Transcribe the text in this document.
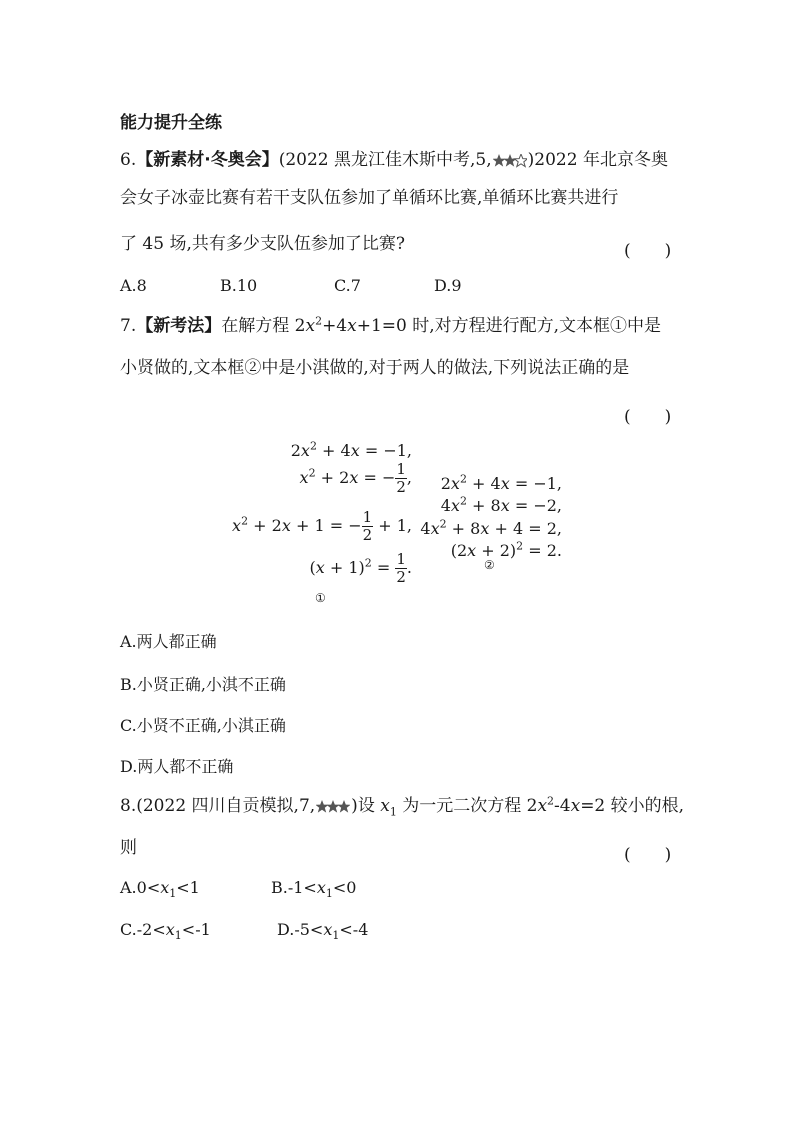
能力提升全练
6.【新素材·冬奥会】(2022 黑龙江佳木斯中考,5, )2022 年北京冬奥
会女子冰壶比赛有若干支队伍参加了单循环比赛,单循环比赛共进行
了 45 场,共有多少支队伍参加了比赛?	(　　)
A.8	B.10	C.7	D.9
7.【新考法】在解方程 $2x^2+4x+1=0$ 时,对方程进行配方,文本框①中是
小贤做的,文本框②中是小淇做的,对于两人的做法,下列说法正确的是
(　　)
$2x^2 + 4x = -1$,
$x^2 + 2x$ = − $\frac{1}{2}$ ,
$x^2 + 2x + 1$ = − $\frac{1}{2} + 1$,
$(x + 1)^2 = \frac{1}{2}$ .
①
$2x^2 + 4x = -1$,
$4x^2 + 8x = -2$,
$4x^2 + 8x + 4 = 2$,
$(2x + 2)^2 = 2$.
②
A.两人都正确
B.小贤正确,小淇不正确
C.小贤不正确,小淇正确
D.两人都不正确
8.(2022 四川自贡模拟,7, )设 $x_1$ 为一元二次方程 $2x^2-4x=2$ 较小的根,
则	(　　)
$A.0<x_1<1$	$B.-1<x_1<0$
$C.-2<x_1<-1$	$D.-5<x_1<-4$
